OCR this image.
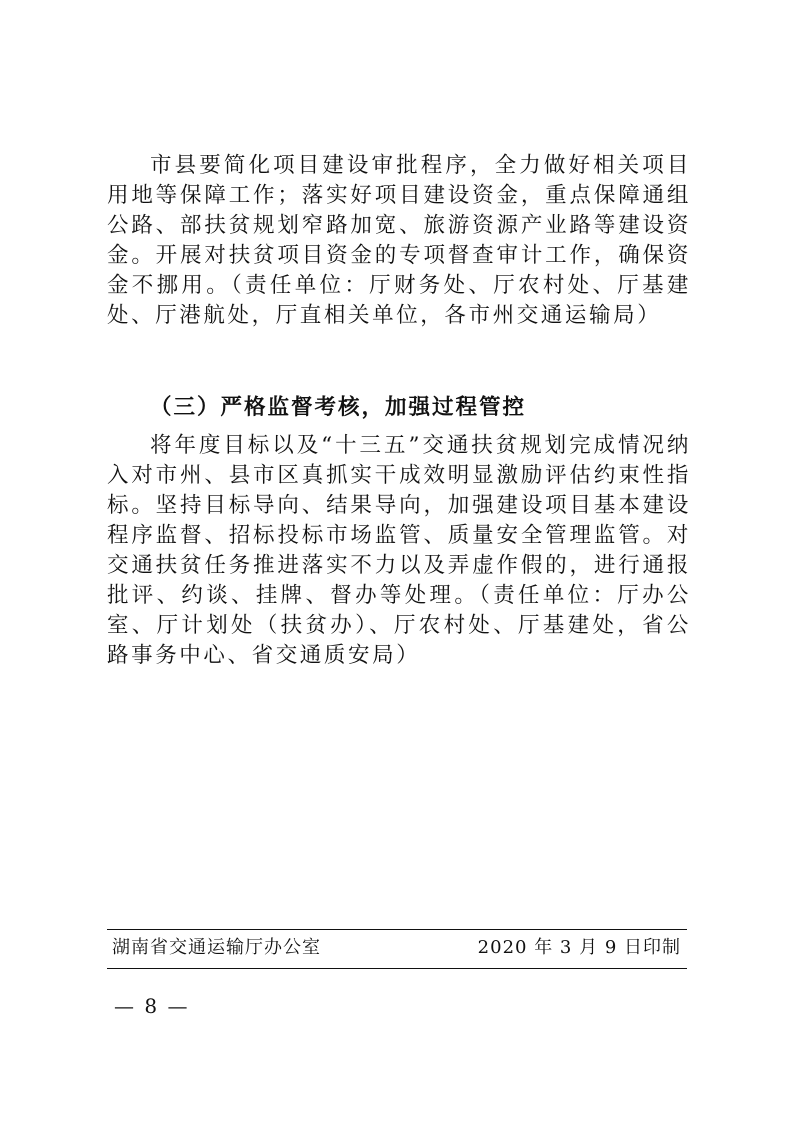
市县要简化项目建设审批程序，全力做好相关项目用地等保障工作；落实好项目建设资金，重点保障通组公路、部扶贫规划窄路加宽、旅游资源产业路等建设资金。开展对扶贫项目资金的专项督查审计工作，确保资金不挪用。（责任单位：厅财务处、厅农村处、厅基建处、厅港航处，厅直相关单位，各市州交通运输局）

（三）严格监督考核，加强过程管控

将年度目标以及“十三五”交通扶贫规划完成情况纳入对市州、县市区真抓实干成效明显激励评估约束性指标。坚持目标导向、结果导向，加强建设项目基本建设程序监督、招标投标市场监管、质量安全管理监管。对交通扶贫任务推进落实不力以及弄虚作假的，进行通报批评、约谈、挂牌、督办等处理。（责任单位：厅办公室、厅计划处（扶贫办）、厅农村处、厅基建处，省公路事务中心、省交通质安局）

湖南省交通运输厅办公室	2020 年 3 月 9 日印制
— 8 —
